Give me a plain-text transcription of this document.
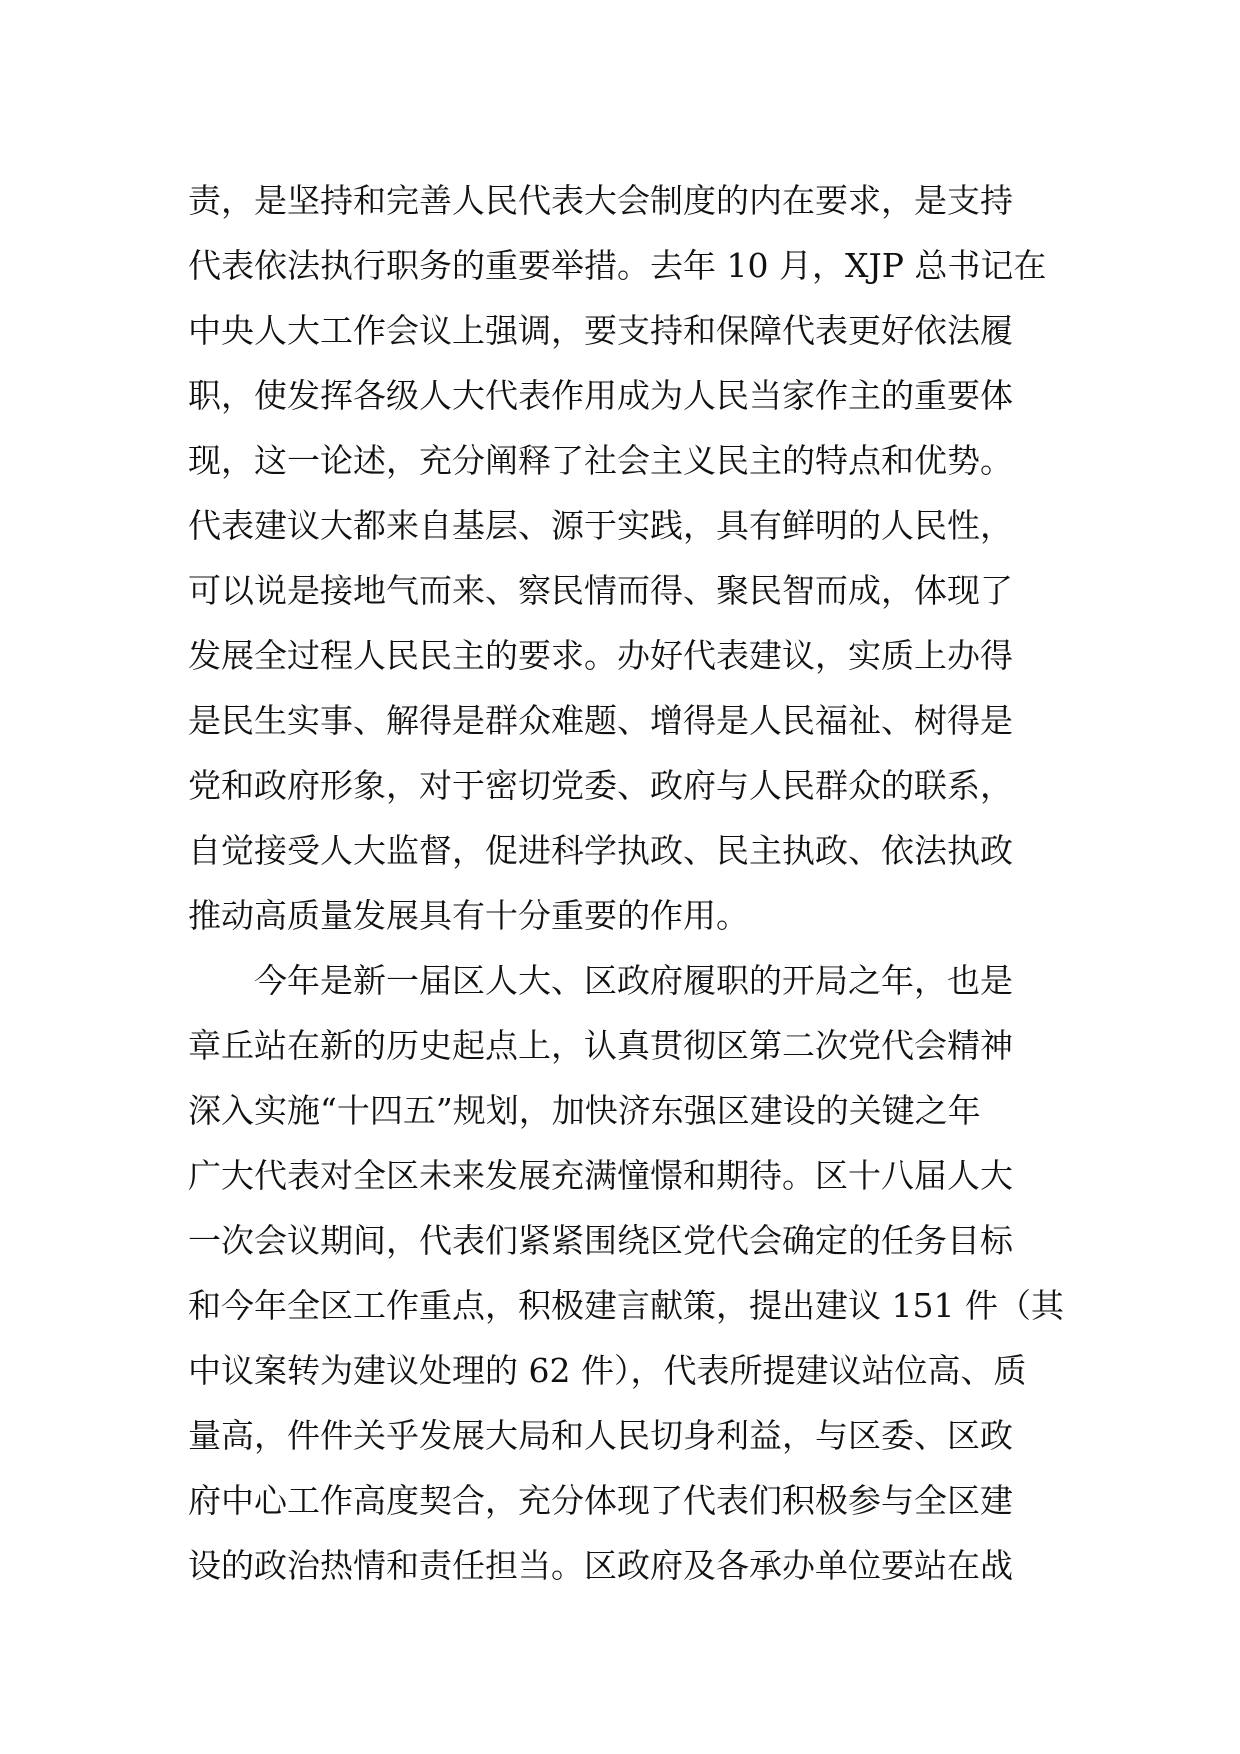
责，是坚持和完善人民代表大会制度的内在要求，是支持
代表依法执行职务的重要举措。去年 10 月，XJP 总书记在
中央人大工作会议上强调，要支持和保障代表更好依法履
职，使发挥各级人大代表作用成为人民当家作主的重要体
现，这一论述，充分阐释了社会主义民主的特点和优势。
代表建议大都来自基层、源于实践，具有鲜明的人民性，
可以说是接地气而来、察民情而得、聚民智而成，体现了
发展全过程人民民主的要求。办好代表建议，实质上办得
是民生实事、解得是群众难题、增得是人民福祉、树得是
党和政府形象，对于密切党委、政府与人民群众的联系，
自觉接受人大监督，促进科学执政、民主执政、依法执政
推动高质量发展具有十分重要的作用。
　　今年是新一届区人大、区政府履职的开局之年，也是
章丘站在新的历史起点上，认真贯彻区第二次党代会精神
深入实施“十四五”规划，加快济东强区建设的关键之年
广大代表对全区未来发展充满憧憬和期待。区十八届人大
一次会议期间，代表们紧紧围绕区党代会确定的任务目标
和今年全区工作重点，积极建言献策，提出建议 151 件（其
中议案转为建议处理的 62 件），代表所提建议站位高、质
量高，件件关乎发展大局和人民切身利益，与区委、区政
府中心工作高度契合，充分体现了代表们积极参与全区建
设的政治热情和责任担当。区政府及各承办单位要站在战
